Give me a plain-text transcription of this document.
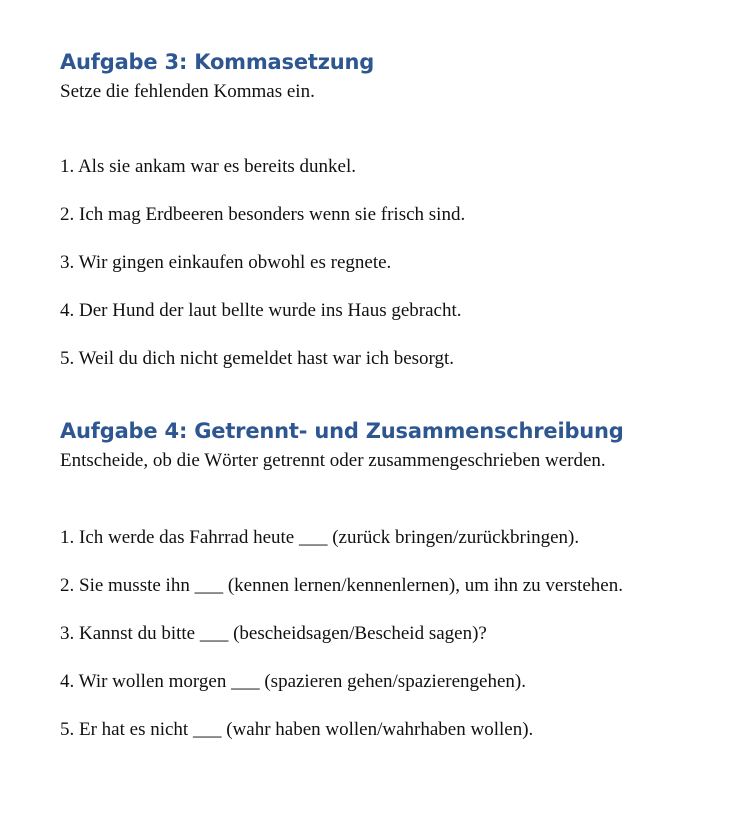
Aufgabe 3: Kommasetzung

Setze die fehlenden Kommas ein.

1. Als sie ankam war es bereits dunkel.
2. Ich mag Erdbeeren besonders wenn sie frisch sind.
3. Wir gingen einkaufen obwohl es regnete.
4. Der Hund der laut bellte wurde ins Haus gebracht.
5. Weil du dich nicht gemeldet hast war ich besorgt.
Aufgabe 4: Getrennt- und Zusammenschreibung

Entscheide, ob die Wörter getrennt oder zusammengeschrieben werden.

1. Ich werde das Fahrrad heute ___ (zurück bringen/zurückbringen).
2. Sie musste ihn ___ (kennen lernen/kennenlernen), um ihn zu verstehen.
3. Kannst du bitte ___ (bescheidsagen/Bescheid sagen)?
4. Wir wollen morgen ___ (spazieren gehen/spazierengehen).
5. Er hat es nicht ___ (wahr haben wollen/wahrhaben wollen).
